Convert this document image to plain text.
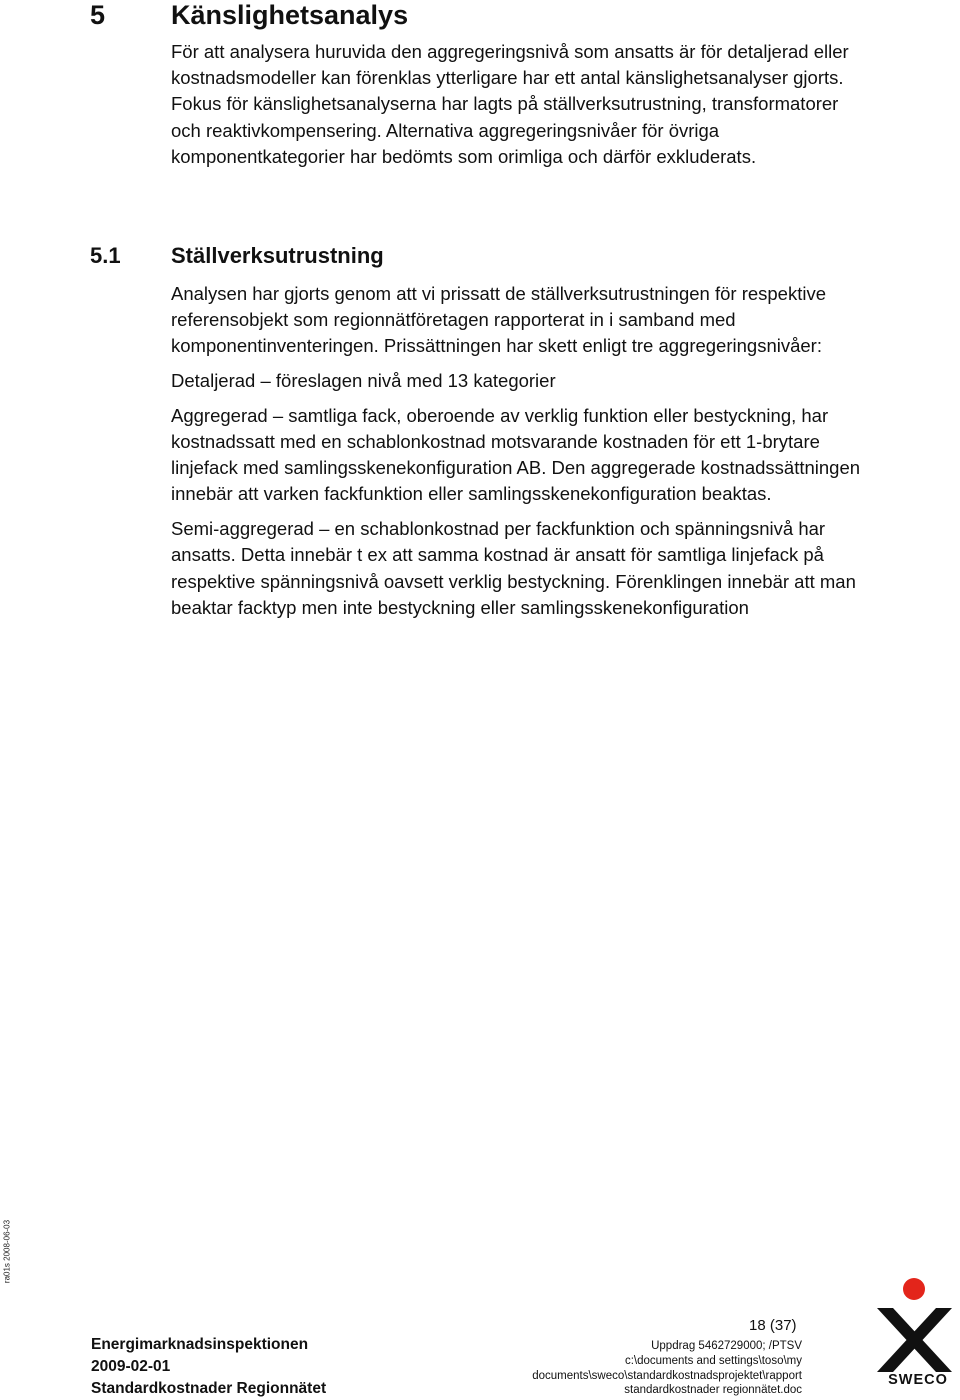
5 Känslighetsanalys

För att analysera huruvida den aggregeringsnivå som ansatts är för detaljerad eller kostnadsmodeller kan förenklas ytterligare har ett antal känslighetsanalyser gjorts. Fokus för känslighetsanalyserna har lagts på ställverksutrustning, transformatorer och reaktivkompensering. Alternativa aggregeringsnivåer för övriga komponentkategorier har bedömts som orimliga och därför exkluderats.

5.1 Ställverksutrustning

Analysen har gjorts genom att vi prissatt de ställverksutrustningen för respektive referensobjekt som regionnätföretagen rapporterat in i samband med komponentinventeringen. Prissättningen har skett enligt tre aggregeringsnivåer:

Detaljerad – föreslagen nivå med 13 kategorier

Aggregerad – samtliga fack, oberoende av verklig funktion eller bestyckning, har kostnadssatt med en schablonkostnad motsvarande kostnaden för ett 1-brytare linjefack med samlingsskenekonfiguration AB. Den aggregerade kostnadssättningen innebär att varken fackfunktion eller samlingsskenekonfiguration beaktas.

Semi-aggregerad – en schablonkostnad per fackfunktion och spänningsnivå har ansatts. Detta innebär t ex att samma kostnad är ansatt för samtliga linjefack på respektive spänningsnivå oavsett verklig bestyckning. Förenklingen innebär att man beaktar facktyp men inte bestyckning eller samlingsskenekonfiguration

ra01s 2008-06-03
Energimarknadsinspektionen
2009-02-01
Standardkostnader Regionnätet
18 (37)
Uppdrag 5462729000; /PTSV
c:\documents and settings\toso\my
documents\sweco\standardkostnadsprojektet\rapport
standardkostnader regionnätet.doc
SWECO
